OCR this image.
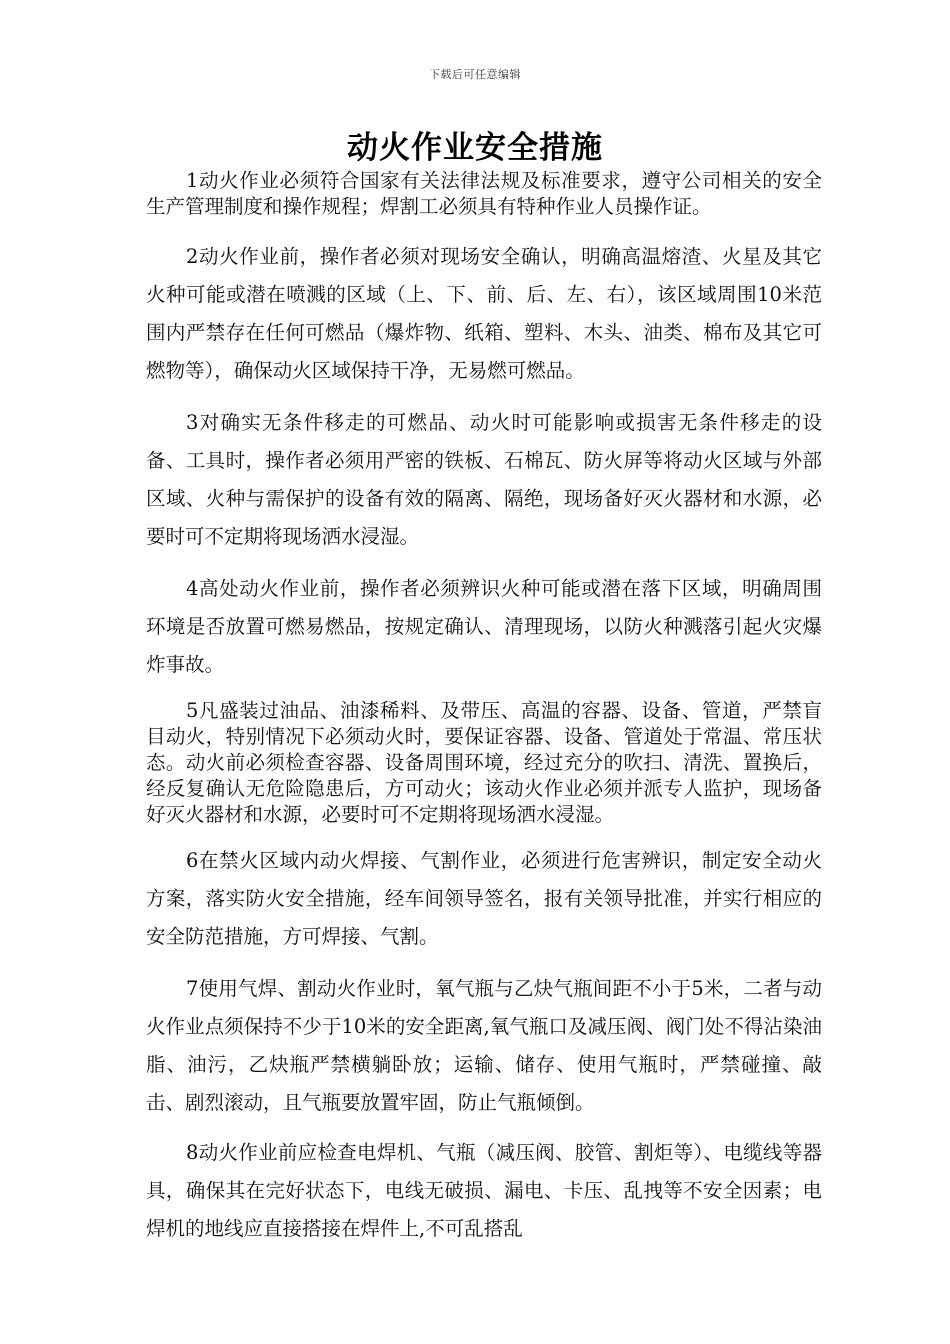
下载后可任意编辑
动火作业安全措施

1动火作业必须符合国家有关法律法规及标准要求，遵守公司相关的安全生产管理制度和操作规程；焊割工必须具有特种作业人员操作证。

2动火作业前，操作者必须对现场安全确认，明确高温熔渣、火星及其它火种可能或潜在喷溅的区域（上、下、前、后、左、右），该区域周围10米范围内严禁存在任何可燃品（爆炸物、纸箱、塑料、木头、油类、棉布及其它可燃物等），确保动火区域保持干净，无易燃可燃品。

3对确实无条件移走的可燃品、动火时可能影响或损害无条件移走的设备、工具时，操作者必须用严密的铁板、石棉瓦、防火屏等将动火区域与外部区域、火种与需保护的设备有效的隔离、隔绝，现场备好灭火器材和水源，必要时可不定期将现场洒水浸湿。

4高处动火作业前，操作者必须辨识火种可能或潜在落下区域，明确周围环境是否放置可燃易燃品，按规定确认、清理现场，以防火种溅落引起火灾爆炸事故。

5凡盛装过油品、油漆稀料、及带压、高温的容器、设备、管道，严禁盲目动火，特别情况下必须动火时，要保证容器、设备、管道处于常温、常压状态。动火前必须检查容器、设备周围环境，经过充分的吹扫、清洗、置换后，经反复确认无危险隐患后，方可动火；该动火作业必须并派专人监护，现场备好灭火器材和水源，必要时可不定期将现场洒水浸湿。

6在禁火区域内动火焊接、气割作业，必须进行危害辨识，制定安全动火方案，落实防火安全措施，经车间领导签名，报有关领导批准，并实行相应的安全防范措施，方可焊接、气割。

7使用气焊、割动火作业时，氧气瓶与乙炔气瓶间距不小于5米，二者与动火作业点须保持不少于10米的安全距离,氧气瓶口及减压阀、阀门处不得沾染油脂、油污，乙炔瓶严禁横躺卧放；运输、储存、使用气瓶时，严禁碰撞、敲击、剧烈滚动，且气瓶要放置牢固，防止气瓶倾倒。

8动火作业前应检查电焊机、气瓶（减压阀、胶管、割炬等）、电缆线等器具，确保其在完好状态下，电线无破损、漏电、卡压、乱拽等不安全因素；电焊机的地线应直接搭接在焊件上,不可乱搭乱
